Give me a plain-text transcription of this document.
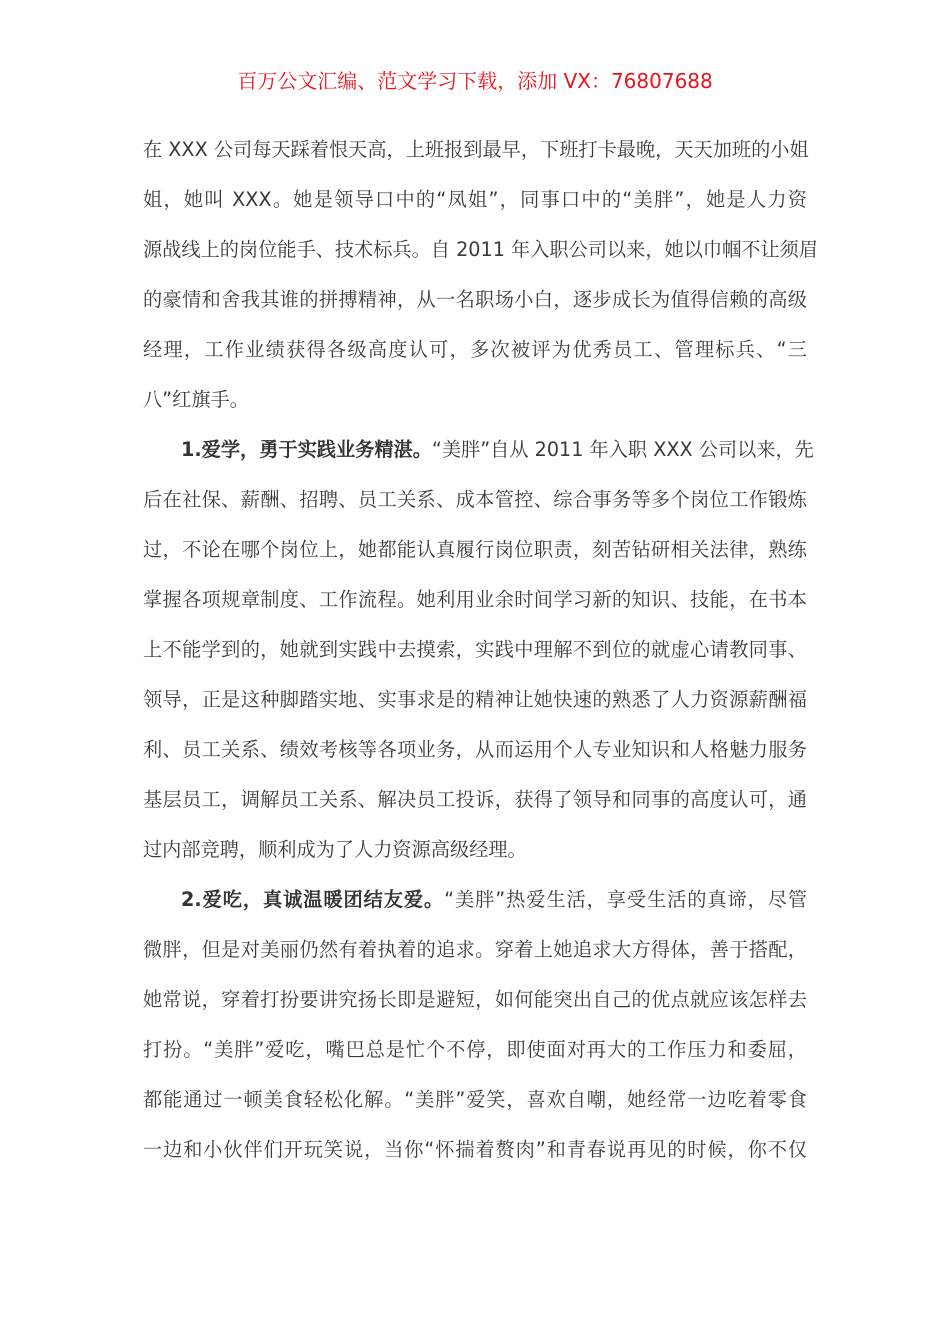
百万公文汇编、范文学习下载，添加 VX：76807688
在 XXX 公司每天踩着恨天高，上班报到最早，下班打卡最晚，天天加班的小姐
姐，她叫 XXX。她是领导口中的“凤姐”，同事口中的“美胖”，她是人力资
源战线上的岗位能手、技术标兵。自 2011 年入职公司以来，她以巾帼不让须眉
的豪情和舍我其谁的拼搏精神，从一名职场小白，逐步成长为值得信赖的高级
经理，工作业绩获得各级高度认可，多次被评为优秀员工、管理标兵、“三
八”红旗手。
1.爱学，勇于实践业务精湛。“美胖”自从 2011 年入职 XXX 公司以来，先
后在社保、薪酬、招聘、员工关系、成本管控、综合事务等多个岗位工作锻炼
过，不论在哪个岗位上，她都能认真履行岗位职责，刻苦钻研相关法律，熟练
掌握各项规章制度、工作流程。她利用业余时间学习新的知识、技能，在书本
上不能学到的，她就到实践中去摸索，实践中理解不到位的就虚心请教同事、
领导，正是这种脚踏实地、实事求是的精神让她快速的熟悉了人力资源薪酬福
利、员工关系、绩效考核等各项业务，从而运用个人专业知识和人格魅力服务
基层员工，调解员工关系、解决员工投诉，获得了领导和同事的高度认可，通
过内部竞聘，顺利成为了人力资源高级经理。
2.爱吃，真诚温暖团结友爱。“美胖”热爱生活，享受生活的真谛，尽管
微胖，但是对美丽仍然有着执着的追求。穿着上她追求大方得体，善于搭配，
她常说，穿着打扮要讲究扬长即是避短，如何能突出自己的优点就应该怎样去
打扮。“美胖”爱吃，嘴巴总是忙个不停，即使面对再大的工作压力和委屈，
都能通过一顿美食轻松化解。“美胖”爱笑，喜欢自嘲，她经常一边吃着零食
一边和小伙伴们开玩笑说，当你“怀揣着赘肉”和青春说再见的时候，你不仅
